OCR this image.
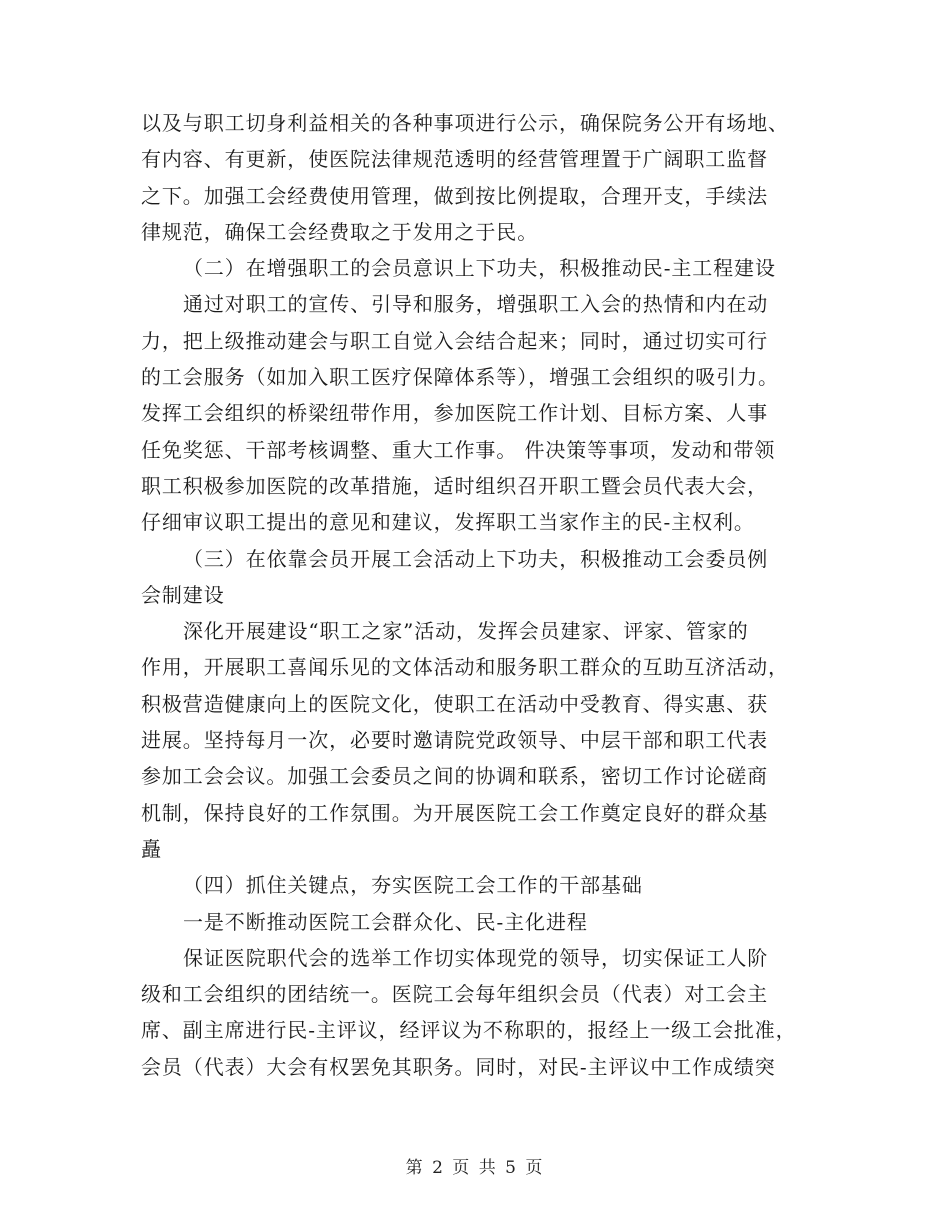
以及与职工切身利益相关的各种事项进行公示，确保院务公开有场地、
有内容、有更新，使医院法律规范透明的经营管理置于广阔职工监督
之下。加强工会经费使用管理，做到按比例提取，合理开支，手续法
律规范，确保工会经费取之于发用之于民。
（二）在增强职工的会员意识上下功夫，积极推动民-主工程建设
通过对职工的宣传、引导和服务，增强职工入会的热情和内在动
力，把上级推动建会与职工自觉入会结合起来；同时，通过切实可行
的工会服务（如加入职工医疗保障体系等），增强工会组织的吸引力。
发挥工会组织的桥梁纽带作用，参加医院工作计划、目标方案、人事
任免奖惩、干部考核调整、重大工作事。 件决策等事项，发动和带领
职工积极参加医院的改革措施，适时组织召开职工暨会员代表大会，
仔细审议职工提出的意见和建议，发挥职工当家作主的民-主权利。
（三）在依靠会员开展工会活动上下功夫，积极推动工会委员例
会制建设
深化开展建设“职工之家”活动，发挥会员建家、评家、管家的
作用，开展职工喜闻乐见的文体活动和服务职工群众的互助互济活动，
积极营造健康向上的医院文化，使职工在活动中受教育、得实惠、获
进展。坚持每月一次，必要时邀请院党政领导、中层干部和职工代表
参加工会会议。加强工会委员之间的协调和联系，密切工作讨论磋商
机制，保持良好的工作氛围。为开展医院工会工作奠定良好的群众基
矗
（四）抓住关键点，夯实医院工会工作的干部基础
一是不断推动医院工会群众化、民-主化进程
保证医院职代会的选举工作切实体现党的领导，切实保证工人阶
级和工会组织的团结统一。医院工会每年组织会员（代表）对工会主
席、副主席进行民-主评议，经评议为不称职的，报经上一级工会批准，
会员（代表）大会有权罢免其职务。同时，对民-主评议中工作成绩突
第 2 页 共 5 页
